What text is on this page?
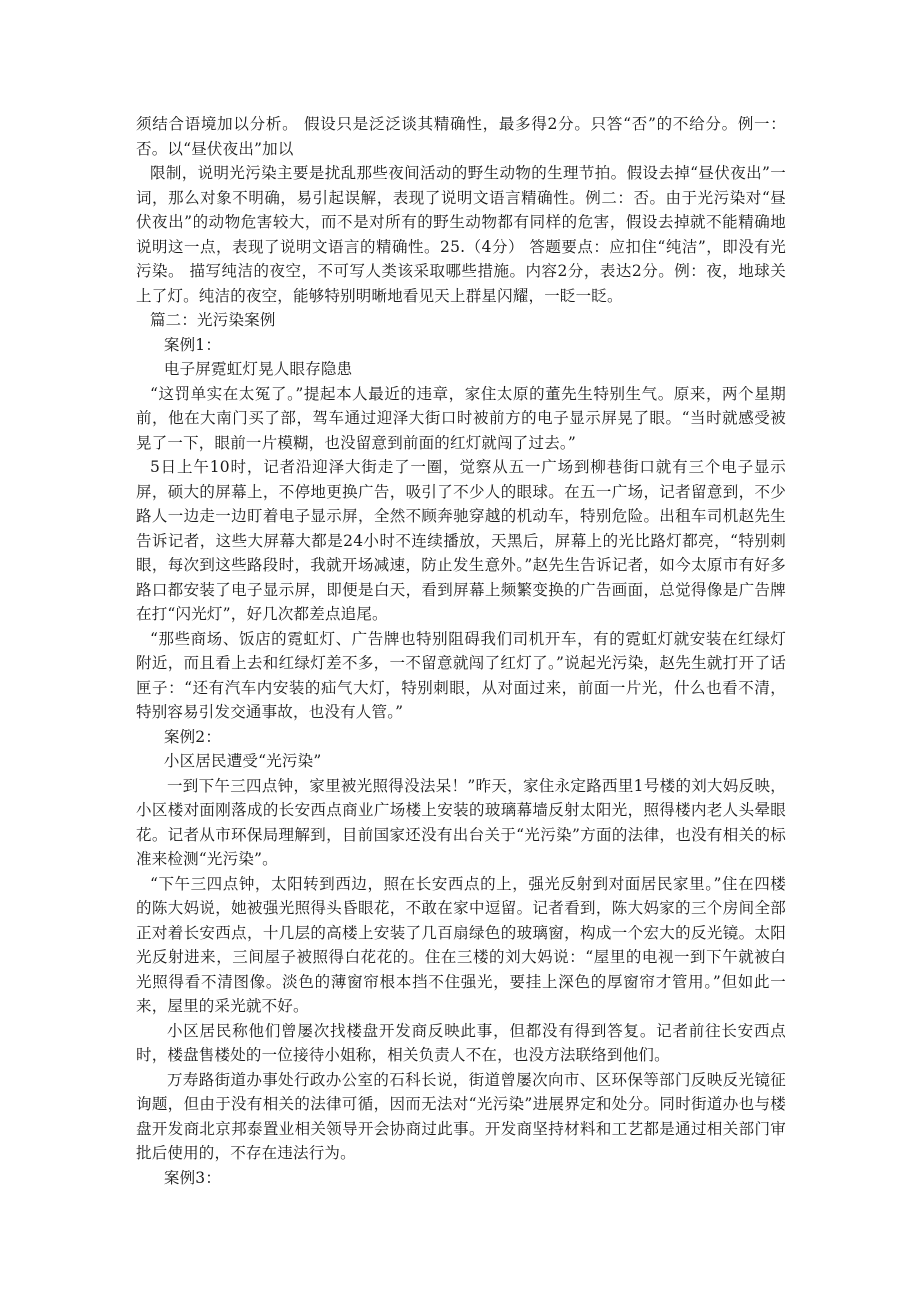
须结合语境加以分析。 假设只是泛泛谈其精确性，最多得2分。只答“否”的不给分。例一：否。以“昼伏夜出”加以

限制，说明光污染主要是扰乱那些夜间活动的野生动物的生理节拍。假设去掉“昼伏夜出”一词，那么对象不明确，易引起误解，表现了说明文语言精确性。例二：否。由于光污染对“昼伏夜出”的动物危害较大，而不是对所有的野生动物都有同样的危害，假设去掉就不能精确地说明这一点，表现了说明文语言的精确性。25.（4分） 答题要点：应扣住“纯洁”，即没有光污染。 描写纯洁的夜空，不可写人类该采取哪些措施。内容2分，表达2分。例：夜，地球关上了灯。纯洁的夜空，能够特别明晰地看见天上群星闪耀，一眨一眨。

篇二：光污染案例

案例1：

电子屏霓虹灯晃人眼存隐患

“这罚单实在太冤了。”提起本人最近的违章，家住太原的董先生特别生气。原来，两个星期前，他在大南门买了部，驾车通过迎泽大街口时被前方的电子显示屏晃了眼。“当时就感受被晃了一下，眼前一片模糊，也没留意到前面的红灯就闯了过去。”

5日上午10时，记者沿迎泽大街走了一圈，觉察从五一广场到柳巷街口就有三个电子显示屏，硕大的屏幕上，不停地更换广告，吸引了不少人的眼球。在五一广场，记者留意到，不少路人一边走一边盯着电子显示屏，全然不顾奔驰穿越的机动车，特别危险。出租车司机赵先生告诉记者，这些大屏幕大都是24小时不连续播放，天黑后，屏幕上的光比路灯都亮，“特别刺眼，每次到这些路段时，我就开场减速，防止发生意外。”赵先生告诉记者，如今太原市有好多路口都安装了电子显示屏，即便是白天，看到屏幕上频繁变换的广告画面，总觉得像是广告牌在打“闪光灯”，好几次都差点追尾。

“那些商场、饭店的霓虹灯、广告牌也特别阻碍我们司机开车，有的霓虹灯就安装在红绿灯附近，而且看上去和红绿灯差不多，一不留意就闯了红灯了。”说起光污染，赵先生就打开了话匣子：“还有汽车内安装的疝气大灯，特别刺眼，从对面过来，前面一片光，什么也看不清，特别容易引发交通事故，也没有人管。”

案例2：

小区居民遭受“光污染”

一到下午三四点钟，家里被光照得没法呆！”昨天，家住永定路西里1号楼的刘大妈反映，小区楼对面刚落成的长安西点商业广场楼上安装的玻璃幕墙反射太阳光，照得楼内老人头晕眼花。记者从市环保局理解到，目前国家还没有出台关于“光污染”方面的法律，也没有相关的标准来检测“光污染”。

“下午三四点钟，太阳转到西边，照在长安西点的上，强光反射到对面居民家里。”住在四楼的陈大妈说，她被强光照得头昏眼花，不敢在家中逗留。记者看到，陈大妈家的三个房间全部正对着长安西点，十几层的高楼上安装了几百扇绿色的玻璃窗，构成一个宏大的反光镜。太阳光反射进来，三间屋子被照得白花花的。住在三楼的刘大妈说：“屋里的电视一到下午就被白光照得看不清图像。淡色的薄窗帘根本挡不住强光，要挂上深色的厚窗帘才管用。”但如此一来，屋里的采光就不好。

小区居民称他们曾屡次找楼盘开发商反映此事，但都没有得到答复。记者前往长安西点时，楼盘售楼处的一位接待小姐称，相关负责人不在，也没方法联络到他们。

万寿路街道办事处行政办公室的石科长说，街道曾屡次向市、区环保等部门反映反光镜征询题，但由于没有相关的法律可循，因而无法对“光污染”进展界定和处分。同时街道办也与楼盘开发商北京邦泰置业相关领导开会协商过此事。开发商坚持材料和工艺都是通过相关部门审批后使用的，不存在违法行为。

案例3：
